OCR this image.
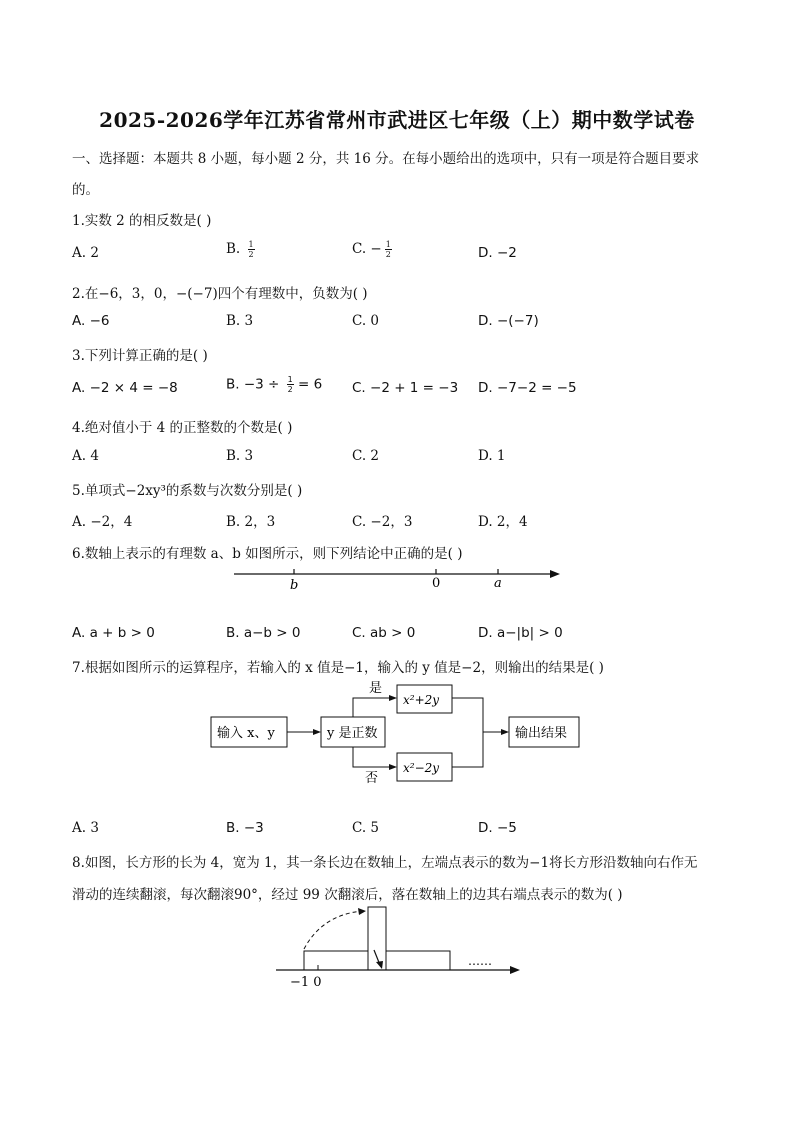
2025-2026学年江苏省常州市武进区七年级（上）期中数学试卷
一、选择题：本题共 8 小题，每小题 2 分，共 16 分。在每小题给出的选项中，只有一项是符合题目要求
的。
1.实数 2 的相反数是( )
A. 2	B. $\frac{1}{2}$	C. − $\frac{1}{2}$	D. −2
2.在−6，3，0，−(−7)四个有理数中，负数为( )
A. −6	B. 3	C. 0	D. −(−7)
3.下列计算正确的是( )
A. −2 × 4 = −8	B. $-3 \div \frac{1}{2} = 6$ C. −2 + 1 = −3 D. −7−2 = −5
4.绝对值小于 4 的正整数的个数是( )
A. 4	B. 3	C. 2	D. 1
5.单项式−2xy³的系数与次数分别是( )
A. −2，4	B. 2，3	C. −2，3	D. 2，4
6.数轴上表示的有理数 a、b 如图所示，则下列结论中正确的是( )
b	0	a
A. a + b > 0	B. a−b > 0	C. ab > 0	D. a−|b| > 0
7.根据如图所示的运算程序，若输入的 x 值是−1，输入的 y 值是−2，则输出的结果是( )
输入 x、y	y 是正数
是
x²+2y
否
x²−2y
输出结果
A. 3	B. −3	C. 5	D. −5
8.如图，长方形的长为 4，宽为 1，其一条长边在数轴上，左端点表示的数为−1将长方形沿数轴向右作无
滑动的连续翻滚，每次翻滚90°，经过 99 次翻滚后，落在数轴上的边其右端点表示的数为( )
……
−1 0
